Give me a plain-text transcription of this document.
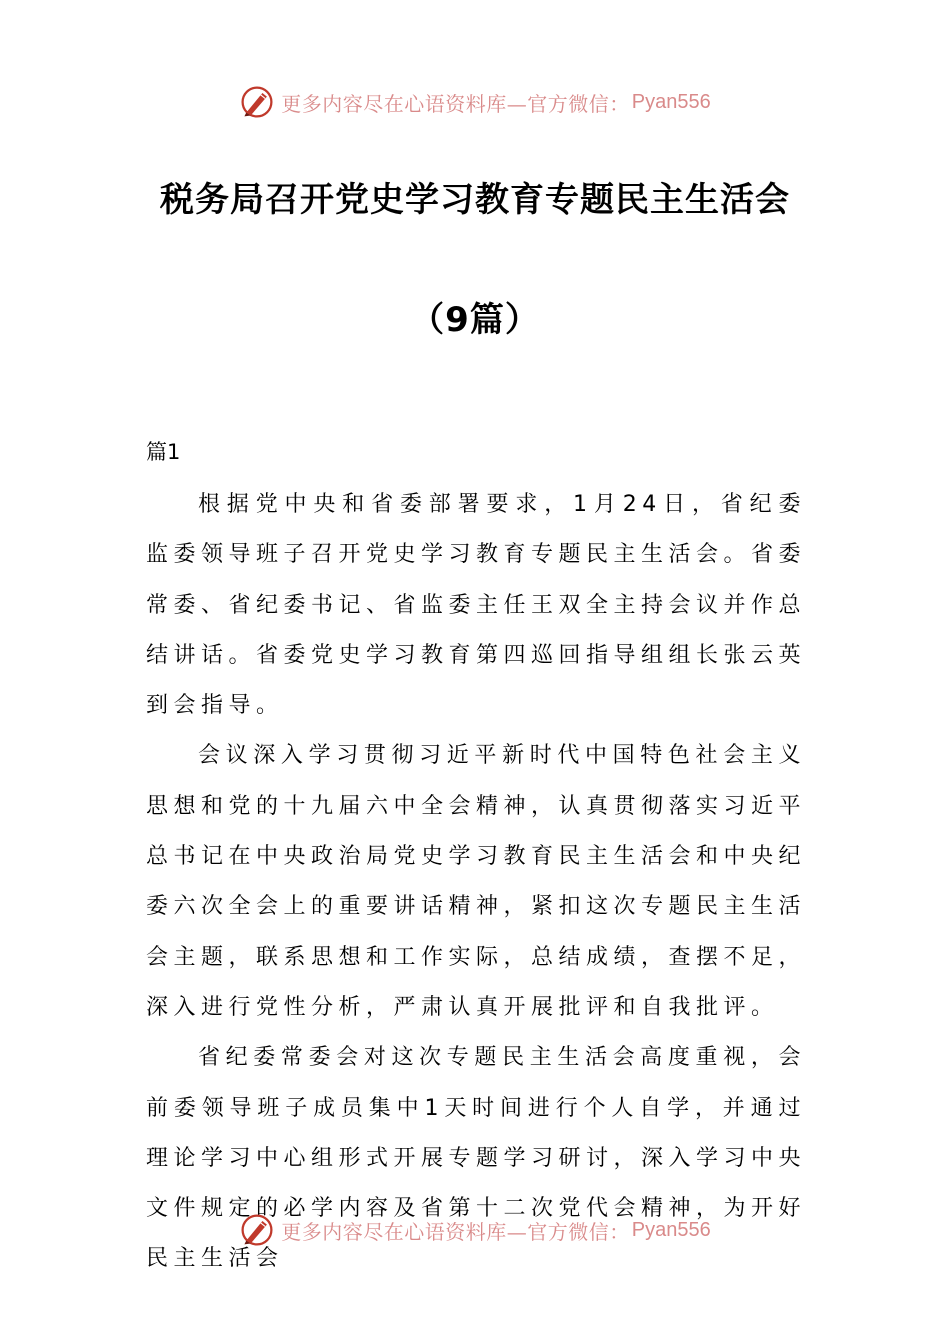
更多内容尽在心语资料库—官方微信： Pyan556
税务局召开党史学习教育专题民主生活会
（9篇）
篇1

根据党中央和省委部署要求，1月24日，省纪委监委领导班子召开党史学习教育专题民主生活会。省委常委、省纪委书记、省监委主任王双全主持会议并作总结讲话。省委党史学习教育第四巡回指导组组长张云英到会指导。

会议深入学习贯彻习近平新时代中国特色社会主义思想和党的十九届六中全会精神，认真贯彻落实习近平总书记在中央政治局党史学习教育民主生活会和中央纪委六次全会上的重要讲话精神，紧扣这次专题民主生活会主题，联系思想和工作实际，总结成绩，查摆不足，深入进行党性分析，严肃认真开展批评和自我批评。

省纪委常委会对这次专题民主生活会高度重视，会前委领导班子成员集中1天时间进行个人自学，并通过理论学习中心组形式开展专题学习研讨，深入学习中央文件规定的必学内容及省第十二次党代会精神，为开好民主生活会

更多内容尽在心语资料库—官方微信： Pyan556
